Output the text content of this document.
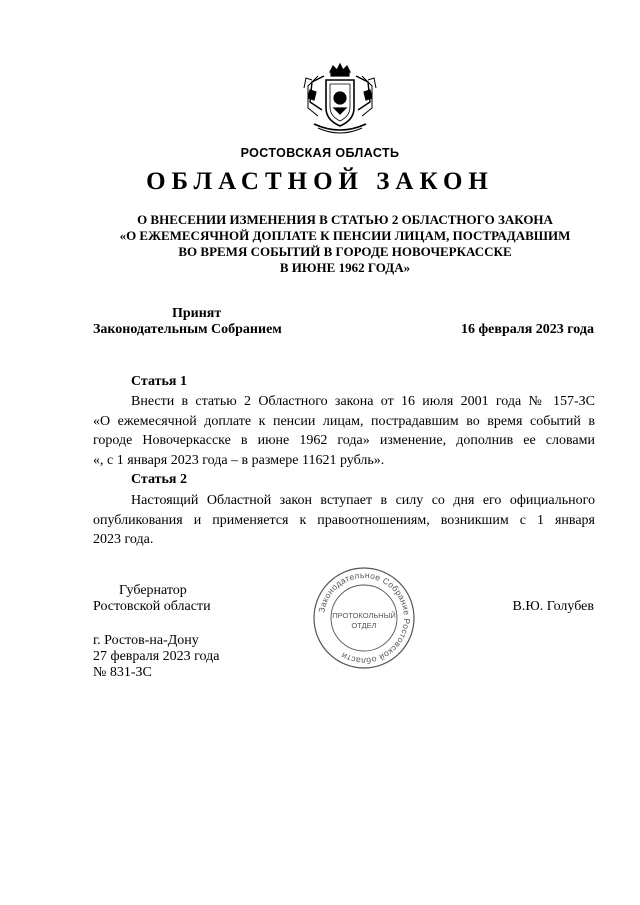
РОСТОВСКАЯ ОБЛАСТЬ
ОБЛАСТНОЙ ЗАКОН
О ВНЕСЕНИИ ИЗМЕНЕНИЯ В СТАТЬЮ 2 ОБЛАСТНОГО ЗАКОНА
«О ЕЖЕМЕСЯЧНОЙ ДОПЛАТЕ К ПЕНСИИ ЛИЦАМ, ПОСТРАДАВШИМ
ВО ВРЕМЯ СОБЫТИЙ В ГОРОДЕ НОВОЧЕРКАССКЕ
В ИЮНЕ 1962 ГОДА»
Принят
Законодательным Собранием	16 февраля 2023 года
Статья 1
Внести в статью 2 Областного закона от 16 июля 2001 года № 157-ЗС
«О ежемесячной доплате к пенсии лицам, пострадавшим во время событий в
городе Новочеркасске в июне 1962 года» изменение, дополнив ее словами
«, с 1 января 2023 года – в размере 11621 рубль».
Статья 2
Настоящий Областной закон вступает в силу со дня его официального
опубликования и применяется к правоотношениям, возникшим с 1 января
2023 года.
Губернатор
Ростовской области	В.Ю. Голубев
г. Ростов-на-Дону
27 февраля 2023 года
№ 831-ЗС
Законодательное Собрание Ростовской области
ПРОТОКОЛЬНЫЙ
ОТДЕЛ
